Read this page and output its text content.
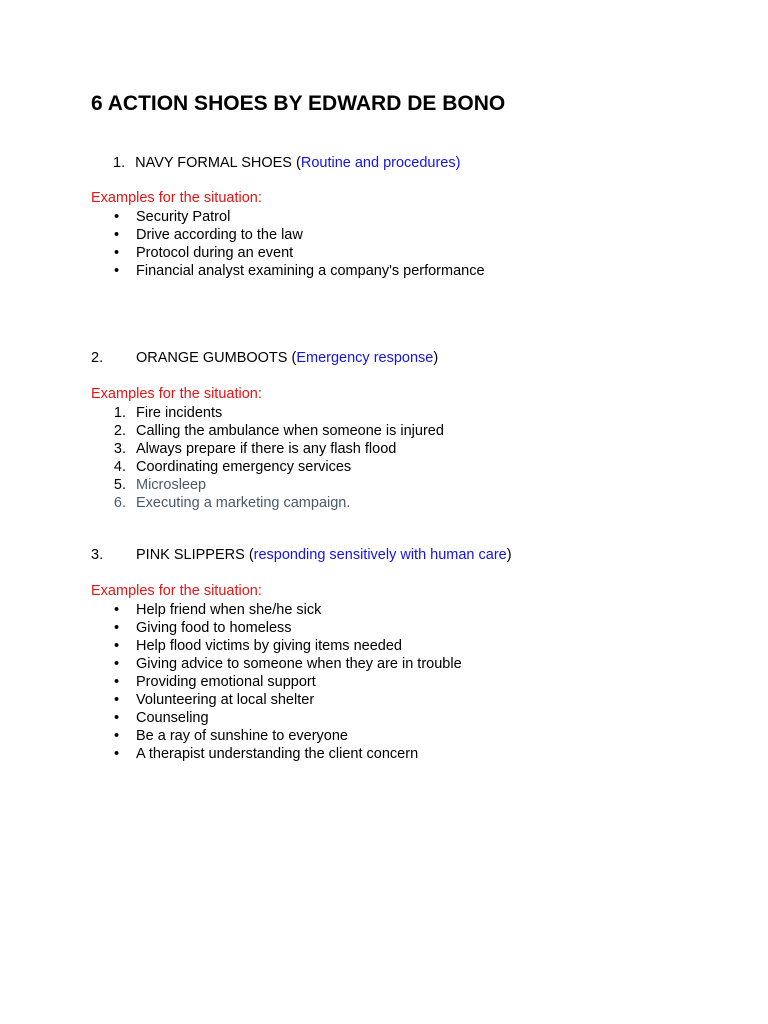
6 ACTION SHOES BY EDWARD DE BONO
1. NAVY FORMAL SHOES (Routine and procedures)
Examples for the situation:
• Security Patrol
• Drive according to the law
• Protocol during an event
• Financial analyst examining a company's performance
2. ORANGE GUMBOOTS (Emergency response)
Examples for the situation:
1. Fire incidents
2. Calling the ambulance when someone is injured
3. Always prepare if there is any flash flood
4. Coordinating emergency services
5. Microsleep
6. Executing a marketing campaign.
3. PINK SLIPPERS (responding sensitively with human care)
Examples for the situation:
• Help friend when she/he sick
• Giving food to homeless
• Help flood victims by giving items needed
• Giving advice to someone when they are in trouble
• Providing emotional support
• Volunteering at local shelter
• Counseling
• Be a ray of sunshine to everyone
• A therapist understanding the client concern
